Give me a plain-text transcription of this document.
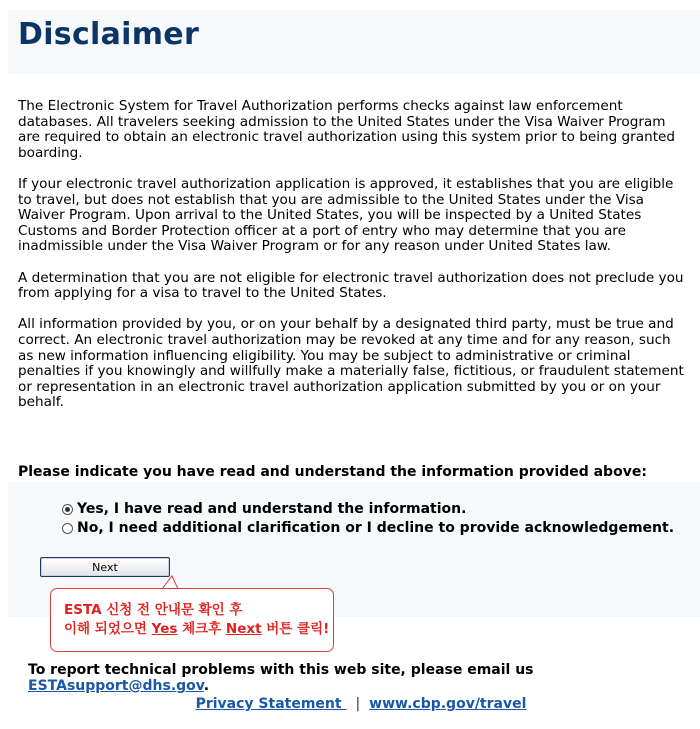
Disclaimer

The Electronic System for Travel Authorization performs checks against law enforcement databases. All travelers seeking admission to the United States under the Visa Waiver Program are required to obtain an electronic travel authorization using this system prior to being granted boarding.

If your electronic travel authorization application is approved, it establishes that you are eligible to travel, but does not establish that you are admissible to the United States under the Visa Waiver Program. Upon arrival to the United States, you will be inspected by a United States Customs and Border Protection officer at a port of entry who may determine that you are inadmissible under the Visa Waiver Program or for any reason under United States law.

A determination that you are not eligible for electronic travel authorization does not preclude you from applying for a visa to travel to the United States.

All information provided by you, or on your behalf by a designated third party, must be true and correct. An electronic travel authorization may be revoked at any time and for any reason, such as new information influencing eligibility. You may be subject to administrative or criminal penalties if you knowingly and willfully make a materially false, fictitious, or fraudulent statement or representation in an electronic travel authorization application submitted by you or on your behalf.

Please indicate you have read and understand the information provided above:
Yes, I have read and understand the information.
No, I need additional clarification or I decline to provide acknowledgement.
Next
ESTA 신청 전 안내문 확인 후
이해 되었으면 Yes 체크후 Next 버튼 클릭!
To report technical problems with this web site, please email us ESTAsupport@dhs.gov.
Privacy Statement | www.cbp.gov/travel
